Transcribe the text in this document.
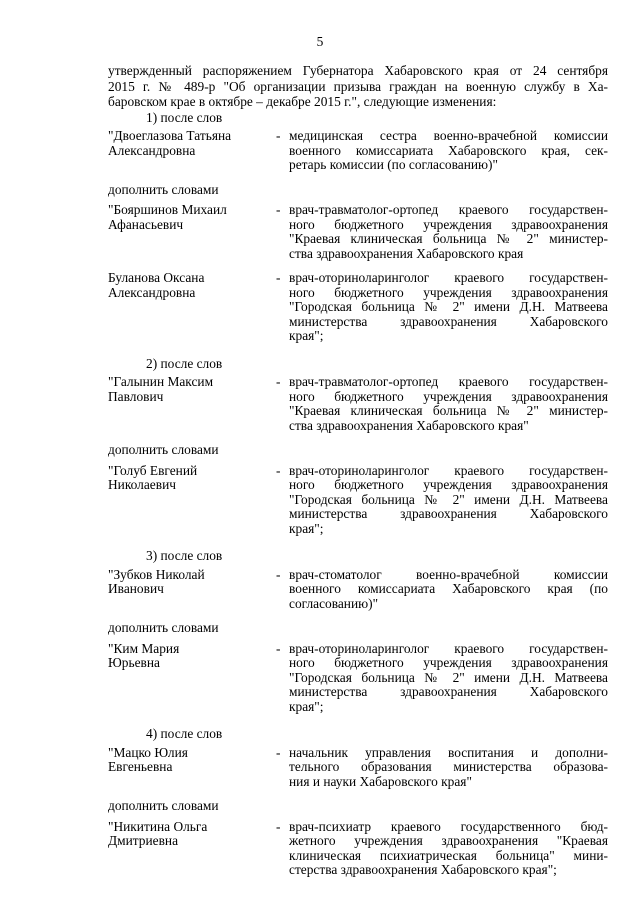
5
утвержденный распоряжением Губернатора Хабаровского края от 24 сентября
2015 г. № 489-р "Об организации призыва граждан на военную службу в Ха-
баровском крае в октябре – декабре 2015 г.", следующие изменения:
1) после слов
"Двоеглазова Татьяна
Александровна
- медицинская сестра военно-врачебной комиссии
военного комиссариата Хабаровского края, сек-
ретарь комиссии (по согласованию)"
дополнить словами
"Бояршинов Михаил
Афанасьевич
- врач-травматолог-ортопед краевого государствен-
ного бюджетного учреждения здравоохранения
"Краевая клиническая больница № 2" министер-
ства здравоохранения Хабаровского края
Буланова Оксана
Александровна
- врач-оториноларинголог краевого государствен-
ного бюджетного учреждения здравоохранения
"Городская больница № 2" имени Д.Н. Матвеева
министерства здравоохранения Хабаровского
края";
2) после слов
"Галынин Максим
Павлович
- врач-травматолог-ортопед краевого государствен-
ного бюджетного учреждения здравоохранения
"Краевая клиническая больница № 2" министер-
ства здравоохранения Хабаровского края"
дополнить словами
"Голуб Евгений
Николаевич
- врач-оториноларинголог краевого государствен-
ного бюджетного учреждения здравоохранения
"Городская больница № 2" имени Д.Н. Матвеева
министерства здравоохранения Хабаровского
края";
3) после слов
"Зубков Николай
Иванович
- врач-стоматолог военно-врачебной комиссии
военного комиссариата Хабаровского края (по
согласованию)"
дополнить словами
"Ким Мария
Юрьевна
- врач-оториноларинголог краевого государствен-
ного бюджетного учреждения здравоохранения
"Городская больница № 2" имени Д.Н. Матвеева
министерства здравоохранения Хабаровского
края";
4) после слов
"Мацко Юлия
Евгеньевна
- начальник управления воспитания и дополни-
тельного образования министерства образова-
ния и науки Хабаровского края"
дополнить словами
"Никитина Ольга
Дмитриевна
- врач-психиатр краевого государственного бюд-
жетного учреждения здравоохранения "Краевая
клиническая психиатрическая больница" мини-
стерства здравоохранения Хабаровского края";
